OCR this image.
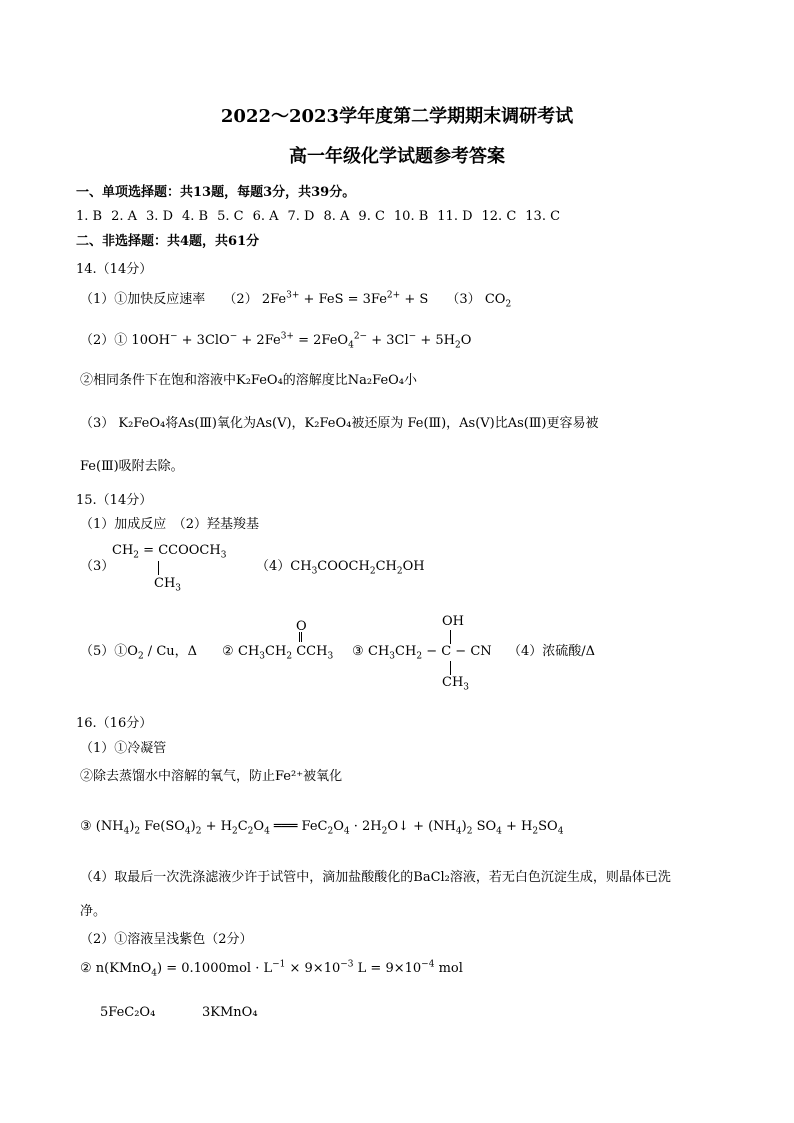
2022～2023学年度第二学期期末调研考试
高一年级化学试题参考答案
一、单项选择题：共13题，每题3分，共39分。
1. B 2. A 3. D 4. B 5. C 6. A 7. D 8. A 9. C 10. B 11. D 12. C 13. C
二、非选择题：共4题，共61分
14.（14分）
（1）①加快反应速率 （2） $2Fe^{3+}$ + FeS = $3Fe^{2+} + S$ （3） $CO_2$
（2）① $10OH^- + 3ClO^- + 2Fe^{3+} = 2FeO_4^{2-} + 3Cl^- + 5H_2O$
②相同条件下在饱和溶液中K₂FeO₄的溶解度比Na₂FeO₄小
（3） K₂FeO₄将As(Ⅲ)氧化为As(Ⅴ)，K₂FeO₄被还原为 Fe(Ⅲ)，As(Ⅴ)比As(Ⅲ)更容易被
Fe(Ⅲ)吸附去除。
15.（14分）
（1）加成反应　（2）羟基羧基
（3）
$CH_2$ = $CCOOCH_3$
$CH_3$
$(4)CH_3COOCH_2CH_2OH$
$(5)①O_2$ / Cu，Δ ②
O
$CH_3CH_2$ $CCH_3$ ③
OH
$CH_3CH_2 - C$ − CN
$CH_3$
（4）浓硫酸/Δ
16.（16分）
（1）①冷凝管
②除去蒸馏水中溶解的氧气，防止Fe²⁺被氧化
③ $(NH_4)_2$ $Fe(SO_4)_2 + H_2C_2O_4$ ═══ $FeC_2O_4$ · $2H_2O↓ + (NH_4)_2$ $SO_4 + H_2SO_4$
（4）取最后一次洗涤滤液少许于试管中，滴加盐酸酸化的BaCl₂溶液，若无白色沉淀生成，则晶体已洗
净。
（2）①溶液呈浅紫色（2分）
② n(KMnO$_4$) = $0.1000mol \cdot L^{-1} \times 9\times 10^{-3}$ $L = 9\times 10^{-4}$ mol
5FeC₂O₄	3KMnO₄
